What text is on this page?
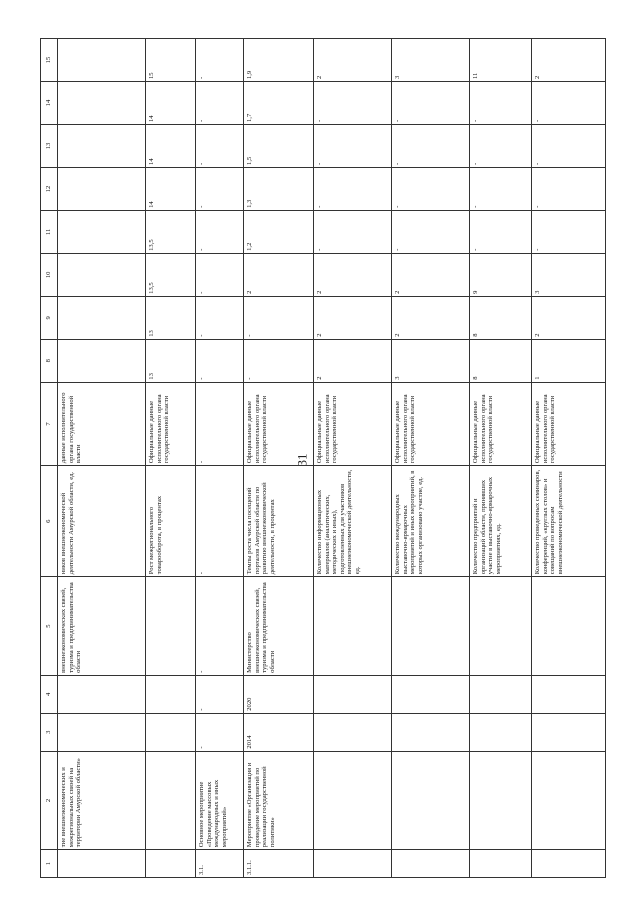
31
1	2	3	4	5	6	7	8	9	10	11	12	13	14	15
	тие внешнеэкономических и межрегиональных связей на территории Амурской области»			внешнеэкономических связей, туризма и предпринимательства области	ников внешнеэкономической деятельности Амурской области, ед.	данные исполнительного органа государственной власти								
					Рост межрегионального товарооборота, в процентах	Официальные данные исполнительного органа государственной власти	13	13	13,5	13,5	14	14	14	15
3.1.	Основное мероприятие «Проведение массовых международных и иных мероприятий»	-	-	-	-	-	-	-	-	-	-	-	-	-
3.1.1.	Мероприятие «Организация и проведение мероприятий по реализации государственной политики»	2014	2020	Министерство внешнеэкономических связей, туризма и предпринимательства области	Темпы роста числа посещений порталов Амурской области по развитию внешнеэкономической деятельности, в процентах	Официальные данные исполнительного органа государственной власти	-	-	2	1,2	1,3	1,5	1,7	1,9
					Количество информационных материалов (аналитических, методических и иных), подготовленных для участников внешнеэкономической деятельности, ед.	Официальные данные исполнительного органа государственной власти	2	2	2	-	-	-	-	2
					Количество международных выставочно-ярмарочных мероприятий и иных мероприятий, в которых организовано участие, ед.	Официальные данные исполнительного органа государственной власти	3	2	2	-	-	-	-	3
					Количество предприятий и организаций области, принявших участие в выставочно-ярмарочных мероприятиях, ед.	Официальные данные исполнительного органа государственной власти	8	8	9	-	-	-	-	11
					Количество проведенных семинаров, конференций, «круглых столов» и совещаний по вопросам внешнеэкономической деятельности	Официальные данные исполнительного органа государственной власти	1	2	3	-	-	-	-	2
